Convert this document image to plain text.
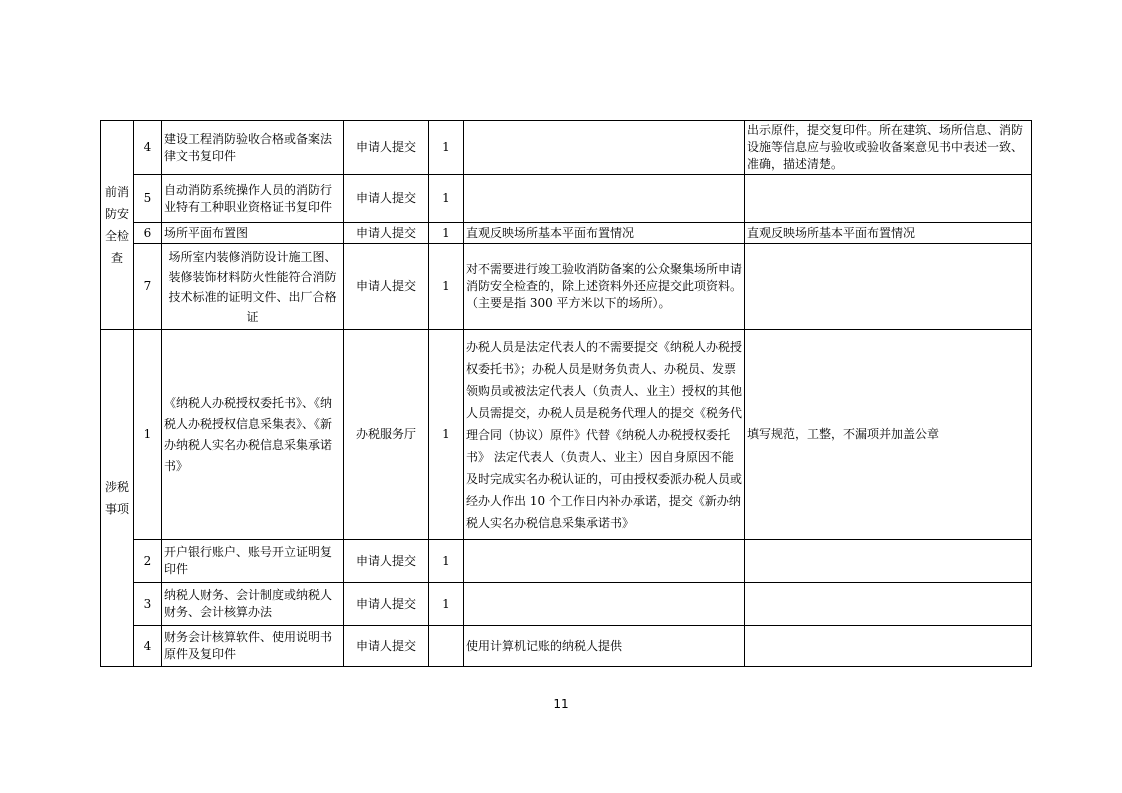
前消防安全检查	4	建设工程消防验收合格或备案法律文书复印件	申请人提交	1		出示原件，提交复印件。所在建筑、场所信息、消防设施等信息应与验收或验收备案意见书中表述一致、准确，描述清楚。
	5	自动消防系统操作人员的消防行业特有工种职业资格证书复印件	申请人提交	1		
	6	场所平面布置图	申请人提交	1	直观反映场所基本平面布置情况	直观反映场所基本平面布置情况
	7	场所室内装修消防设计施工图、装修装饰材料防火性能符合消防技术标准的证明文件、出厂合格证	申请人提交	1	对不需要进行竣工验收消防备案的公众聚集场所申请消防安全检查的，除上述资料外还应提交此项资料。（主要是指 300 平方米以下的场所）。	
涉税事项	1	《纳税人办税授权委托书》、《纳税人办税授权信息采集表》、《新办纳税人实名办税信息采集承诺书》	办税服务厅	1	办税人员是法定代表人的不需要提交《纳税人办税授权委托书》；办税人员是财务负责人、办税员、发票领购员或被法定代表人（负责人、业主）授权的其他人员需提交，办税人员是税务代理人的提交《税务代理合同（协议）原件》代替《纳税人办税授权委托书》 法定代表人（负责人、业主）因自身原因不能及时完成实名办税认证的，可由授权委派办税人员或经办人作出 10 个工作日内补办承诺，提交《新办纳税人实名办税信息采集承诺书》	填写规范，工整，不漏项并加盖公章
	2	开户银行账户、账号开立证明复印件	申请人提交	1		
	3	纳税人财务、会计制度或纳税人财务、会计核算办法	申请人提交	1		
	4	财务会计核算软件、使用说明书原件及复印件	申请人提交		使用计算机记账的纳税人提供	
11
